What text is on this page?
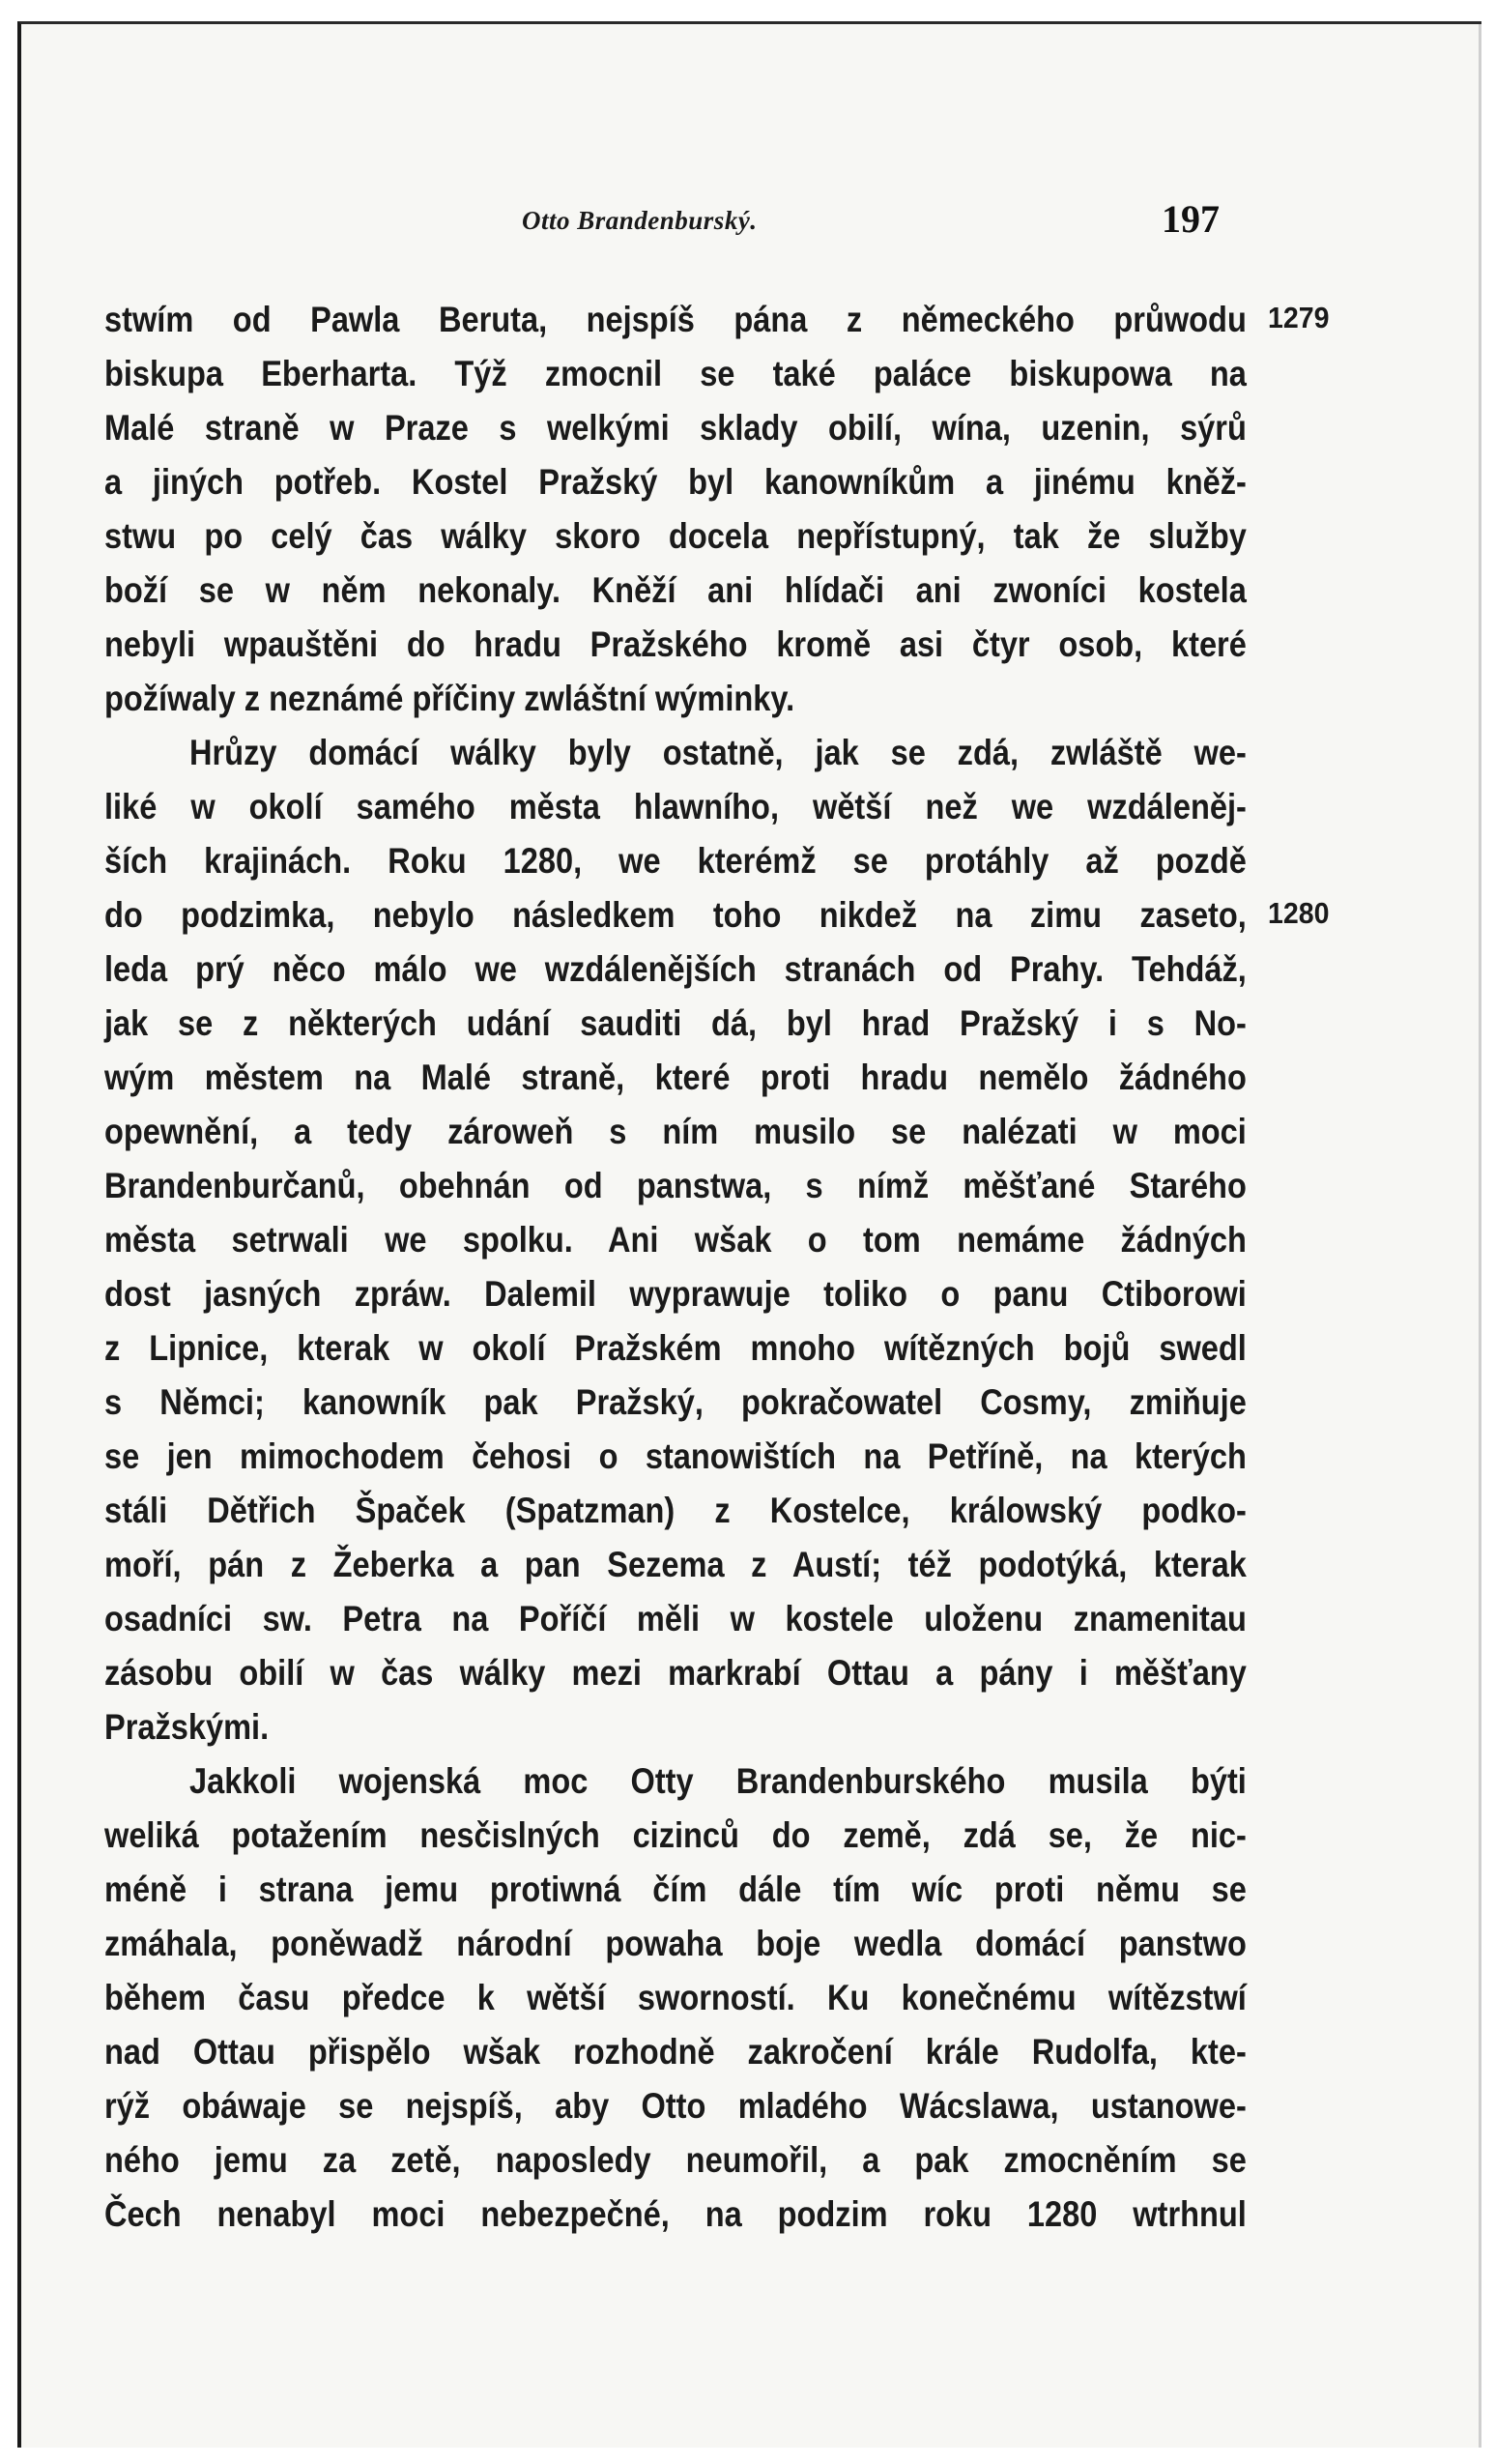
Otto Brandenburský.	197
stwím od Pawla Beruta, nejspíš pána z německého průwodu
biskupa Eberharta. Týž zmocnil se také paláce biskupowa na
Malé straně w Praze s welkými sklady obilí, wína, uzenin, sýrů
a jiných potřeb. Kostel Pražský byl kanowníkům a jinému kněž-
stwu po celý čas wálky skoro docela nepřístupný, tak že služby
boží se w něm nekonaly. Kněží ani hlídači ani zwoníci kostela
nebyli wpauštěni do hradu Pražského kromě asi čtyr osob, které
požíwaly z neznámé příčiny zwláštní wýminky.
Hrůzy domácí wálky byly ostatně, jak se zdá, zwláště we-
liké w okolí samého města hlawního, wětší než we wzdáleněj-
ších krajinách. Roku 1280, we kterémž se protáhly až pozdě
do podzimka, nebylo následkem toho nikdež na zimu zaseto,
leda prý něco málo we wzdálenějších stranách od Prahy. Tehdáž,
jak se z některých udání sauditi dá, byl hrad Pražský i s No-
wým městem na Malé straně, které proti hradu nemělo žádného
opewnění, a tedy zároweň s ním musilo se nalézati w moci
Brandenburčanů, obehnán od panstwa, s nímž měšťané Starého
města setrwali we spolku. Ani wšak o tom nemáme žádných
dost jasných zpráw. Dalemil wyprawuje toliko o panu Ctiborowi
z Lipnice, kterak w okolí Pražském mnoho wítězných bojů swedl
s Němci; kanowník pak Pražský, pokračowatel Cosmy, zmiňuje
se jen mimochodem čehosi o stanowištích na Petříně, na kterých
stáli Dětřich Špaček (Spatzman) z Kostelce, králowský podko-
moří, pán z Žeberka a pan Sezema z Austí; též podotýká, kterak
osadníci sw. Petra na Poříčí měli w kostele uloženu znamenitau
zásobu obilí w čas wálky mezi markrabí Ottau a pány i měšťany
Pražskými.
Jakkoli wojenská moc Otty Brandenburského musila býti
weliká potažením nesčislných cizinců do země, zdá se, že nic-
méně i strana jemu protiwná čím dále tím wíc proti němu se
zmáhala, poněwadž národní powaha boje wedla domácí panstwo
během času předce k wětší sworností. Ku konečnému wítězstwí
nad Ottau přispělo wšak rozhodně zakročení krále Rudolfa, kte-
rýž obáwaje se nejspíš, aby Otto mladého Wácslawa, ustanowe-
ného jemu za zetě, naposledy neumořil, a pak zmocněním se
Čech nenabyl moci nebezpečné, na podzim roku 1280 wtrhnul
1279
1280
